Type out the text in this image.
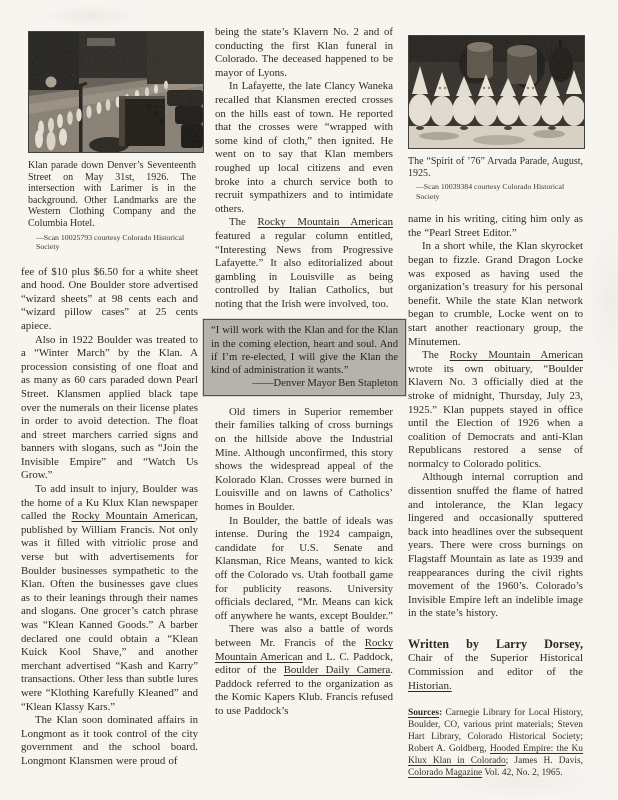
Klan parade down Denver’s Seventeenth Street on May 31st, 1926. The intersection with Larimer is in the background. Other Landmarks are the Western Clothing Company and the Columbia Hotel.
—Scan 10025793 courtesy Colorado Historical Society

fee of $10 plus $6.50 for a white sheet and hood. One Boulder store advertised “wizard sheets” at 98 cents each and “wizard pillow cases” at 25 cents apiece.

Also in 1922 Boulder was treated to a “Winter March” by the Klan. A procession consisting of one float and as many as 60 cars paraded down Pearl Street. Klansmen applied black tape over the numerals on their license plates in order to avoid detection. The float and street marchers carried signs and banners with slogans, such as “Join the Invisible Empire” and “Watch Us Grow.”

To add insult to injury, Boulder was the home of a Ku Klux Klan newspaper called the Rocky Mountain American, published by William Francis. Not only was it filled with vitriolic prose and verse but with advertisements for Boulder businesses sympathetic to the Klan. Often the businesses gave clues as to their leanings through their names and slogans. One grocer’s catch phrase was “Klean Kanned Goods.” A barber declared one could obtain a “Klean Kuick Kool Shave,” and another merchant advertised “Kash and Karry” transactions. Other less than subtle lures were “Klothing Karefully Kleaned” and “Klean Klassy Kars.”

The Klan soon dominated affairs in Longmont as it took control of the city government and the school board. Longmont Klansmen were proud of

being the state’s Klavern No. 2 and of conducting the first Klan funeral in Colorado. The deceased happened to be mayor of Lyons.

In Lafayette, the late Clancy Waneka recalled that Klansmen erected crosses on the hills east of town. He reported that the crosses were “wrapped with some kind of cloth,” then ignited. He went on to say that Klan members roughed up local citizens and even broke into a church service both to recruit sympathizers and to intimidate others.

The Rocky Mountain American featured a regular column entitled, “Interesting News from Progressive Lafayette.” It also editorialized about gambling in Louisville as being controlled by Italian Catholics, but noting that the Irish were involved, too.

“I will work with the Klan and for the Klan in the coming election, heart and soul. And if I’m re-elected, I will give the Klan the kind of administration it wants.”

——Denver Mayor Ben Stapleton

Old timers in Superior remember their families talking of cross burnings on the hillside above the Industrial Mine. Although unconfirmed, this story shows the widespread appeal of the Kolorado Klan. Crosses were burned in Louisville and on lawns of Catholics’ homes in Boulder.

In Boulder, the battle of ideals was intense. During the 1924 campaign, candidate for U.S. Senate and Klansman, Rice Means, wanted to kick off the Colorado vs. Utah football game for publicity reasons. University officials declared, “Mr. Means can kick off anywhere he wants, except Boulder.”

There was also a battle of words between Mr. Francis of the Rocky Mountain American and L. C. Paddock, editor of the Boulder Daily Camera. Paddock referred to the organization as the Komic Kapers Klub. Francis refused to use Paddock’s

The “Spirit of ’76” Arvada Parade, August, 1925.
—Scan 10039384 courtesy Colorado Historical Society

name in his writing, citing him only as the “Pearl Street Editor.”

In a short while, the Klan skyrocket began to fizzle. Grand Dragon Locke was exposed as having used the organization’s treasury for his personal benefit. While the state Klan network began to crumble, Locke went on to start another reactionary group, the Minutemen.

The Rocky Mountain American wrote its own obituary, “Boulder Klavern No. 3 officially died at the stroke of midnight, Thursday, July 23, 1925.” Klan puppets stayed in office until the Election of 1926 when a coalition of Democrats and anti-Klan Republicans restored a sense of normalcy to Colorado politics.

Although internal corruption and dissention snuffed the flame of hatred and intolerance, the Klan legacy lingered and occasionally sputtered back into headlines over the subsequent years. There were cross burnings on Flagstaff Mountain as late as 1939 and reappearances during the civil rights movement of the 1960’s. Colorado’s Invisible Empire left an indelible image in the state’s history.

Written by Larry Dorsey,

Chair of the Superior Historical Commission and editor of the Historian.

Sources: Carnegie Library for Local History, Boulder, CO, various print materials; Steven Hart Library, Colorado Historical Society; Robert A. Goldberg, Hooded Empire: the Ku Klux Klan in Colorado; James H. Davis, Colorado Magazine Vol. 42, No. 2, 1965.
